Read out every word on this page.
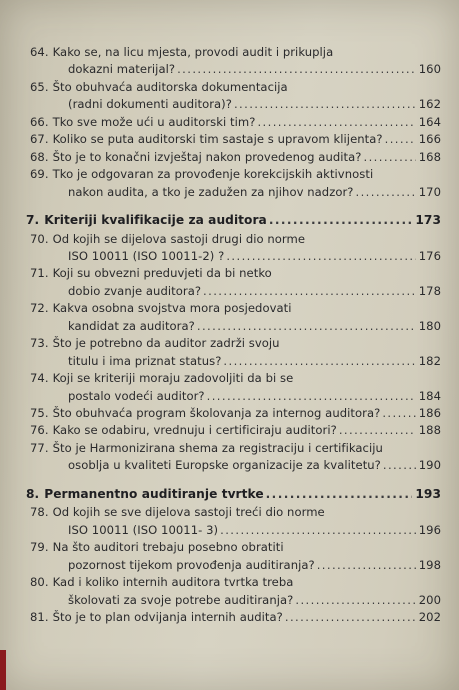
64. Kako se, na licu mjesta, provodi audit i prikuplja
dokazni materijal? .....	160
65. Što obuhvaća auditorska dokumentacija
(radni dokumenti auditora)? .....	162
66. Tko sve može ući u auditorski tim? .....	164
67. Koliko se puta auditorski tim sastaje s upravom klijenta? .....	166
68. Što je to konačni izvještaj nakon provedenog audita? .....	168
69. Tko je odgovaran za provođenje korekcijskih aktivnosti
nakon audita, a tko je zadužen za njihov nadzor? .....	170
7. Kriteriji kvalifikacije za auditora .....	173
70. Od kojih se dijelova sastoji drugi dio norme
ISO 10011 (ISO 10011-2) ? .....	176
71. Koji su obvezni preduvjeti da bi netko
dobio zvanje auditora? .....	178
72. Kakva osobna svojstva mora posjedovati
kandidat za auditora? .....	180
73. Što je potrebno da auditor zadrži svoju
titulu i ima priznat status? .....	182
74. Koji se kriteriji moraju zadovoljiti da bi se
postalo vodeći auditor? .....	184
75. Što obuhvaća program školovanja za internog auditora? .....	186
76. Kako se odabiru, vrednuju i certificiraju auditori? .....	188
77. Što je Harmonizirana shema za registraciju i certifikaciju
osoblja u kvaliteti Europske organizacije za kvalitetu? .....	190
8. Permanentno auditiranje tvrtke .....	193
78. Od kojih se sve dijelova sastoji treći dio norme
ISO 10011 (ISO 10011- 3) .....	196
79. Na što auditori trebaju posebno obratiti
pozornost tijekom provođenja auditiranja? .....	198
80. Kad i koliko internih auditora tvrtka treba
školovati za svoje potrebe auditiranja? .....	200
81. Što je to plan odvijanja internih audita? .....	202
